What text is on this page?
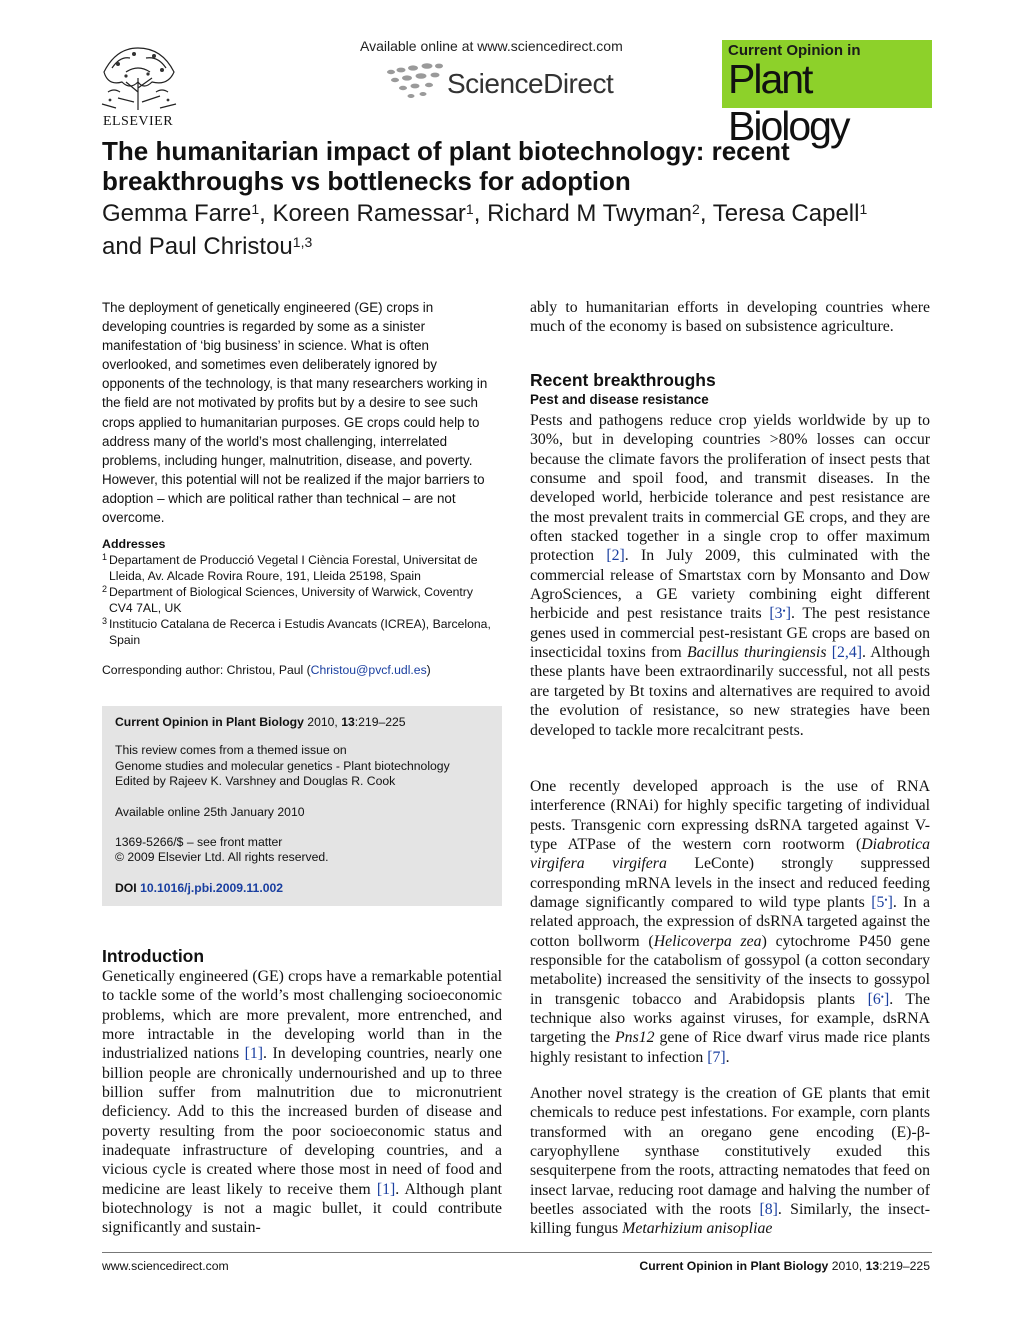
ELSEVIER
Available online at www.sciencedirect.com
ScienceDirect
Current Opinion in
Plant Biology
The humanitarian impact of plant biotechnology: recent breakthroughs vs bottlenecks for adoption
Gemma Farre$^1$, Koreen Ramessar$^1$, Richard M Twyman$^2$, Teresa Capell$^1$
and Paul Christou$^{1,3}$

The deployment of genetically engineered (GE) crops in developing countries is regarded by some as a sinister manifestation of ‘big business’ in science. What is often overlooked, and sometimes even deliberately ignored by opponents of the technology, is that many researchers working in the field are not motivated by profits but by a desire to see such crops applied to humanitarian purposes. GE crops could help to address many of the world’s most challenging, interrelated problems, including hunger, malnutrition, disease, and poverty. However, this potential will not be realized if the major barriers to adoption – which are political rather than technical – are not overcome.

Addresses
1 Departament de Producció Vegetal I Ciència Forestal, Universitat de Lleida, Av. Alcade Rovira Roure, 191, Lleida 25198, Spain
2 Department of Biological Sciences, University of Warwick, Coventry CV4 7AL, UK
3 Institucio Catalana de Recerca i Estudis Avancats (ICREA), Barcelona, Spain
Corresponding author: Christou, Paul (Christou@pvcf.udl.es)
Current Opinion in Plant Biology 2010, 13:219–225
This review comes from a themed issue on
Genome studies and molecular genetics - Plant biotechnology
Edited by Rajeev K. Varshney and Douglas R. Cook
Available online 25th January 2010
1369-5266/$ – see front matter
© 2009 Elsevier Ltd. All rights reserved.
DOI 10.1016/j.pbi.2009.11.002
Introduction

Genetically engineered (GE) crops have a remarkable potential to tackle some of the world’s most challenging socioeconomic problems, which are more prevalent, more entrenched, and more intractable in the developing world than in the industrialized nations [1]. In developing countries, nearly one billion people are chronically undernourished and up to three billion suffer from malnutrition due to micronutrient deficiency. Add to this the increased burden of disease and poverty resulting from the poor socioeconomic status and inadequate infrastructure of developing countries, and a vicious cycle is created where those most in need of food and medicine are least likely to receive them [1]. Although plant biotechnology is not a magic bullet, it could contribute significantly and sustain-

ably to humanitarian efforts in developing countries where much of the economy is based on subsistence agriculture.

Recent breakthroughs
Pest and disease resistance

Pests and pathogens reduce crop yields worldwide by up to 30%, but in developing countries >80% losses can occur because the climate favors the proliferation of insect pests that consume and spoil food, and transmit diseases. In the developed world, herbicide tolerance and pest resistance are the most prevalent traits in commercial GE crops, and they are often stacked together in a single crop to offer maximum protection [2]. In July 2009, this culminated with the commercial release of Smartstax corn by Monsanto and Dow AgroSciences, a GE variety combining eight different herbicide and pest resistance traits [3•]. The pest resistance genes used in commercial pest-resistant GE crops are based on insecticidal toxins from Bacillus thuringiensis [2,4]. Although these plants have been extraordinarily successful, not all pests are targeted by Bt toxins and alternatives are required to avoid the evolution of resistance, so new strategies have been developed to tackle more recalcitrant pests.

One recently developed approach is the use of RNA interference (RNAi) for highly specific targeting of individual pests. Transgenic corn expressing dsRNA targeted against V-type ATPase of the western corn rootworm (Diabrotica virgifera virgifera LeConte) strongly suppressed corresponding mRNA levels in the insect and reduced feeding damage significantly compared to wild type plants [5•]. In a related approach, the expression of dsRNA targeted against the cotton bollworm (Helicoverpa zea) cytochrome P450 gene responsible for the catabolism of gossypol (a cotton secondary metabolite) increased the sensitivity of the insects to gossypol in transgenic tobacco and Arabidopsis plants [6•]. The technique also works against viruses, for example, dsRNA targeting the Pns12 gene of Rice dwarf virus made rice plants highly resistant to infection [7].

Another novel strategy is the creation of GE plants that emit chemicals to reduce pest infestations. For example, corn plants transformed with an oregano gene encoding (E)-β-caryophyllene synthase constitutively exuded this sesquiterpene from the roots, attracting nematodes that feed on insect larvae, reducing root damage and halving the number of beetles associated with the roots [8]. Similarly, the insect-killing fungus Metarhizium anisopliae

www.sciencedirect.com	Current Opinion in Plant Biology 2010, 13:219–225
